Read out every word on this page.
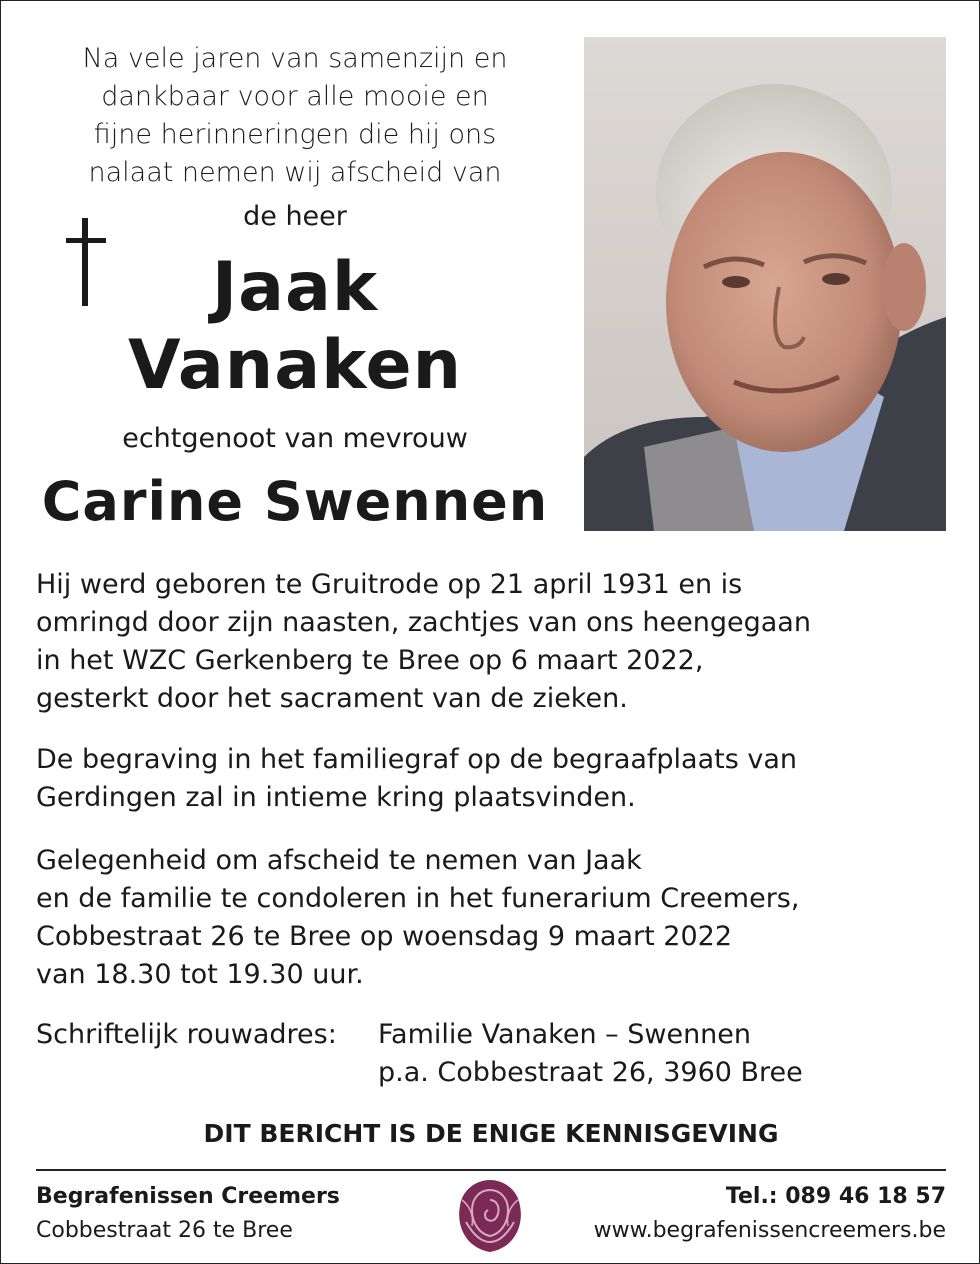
Na vele jaren van samenzijn en
dankbaar voor alle mooie en
fijne herinneringen die hij ons
nalaat nemen wij afscheid van
de heer
Jaak
Vanaken
echtgenoot van mevrouw
Carine Swennen
Hij werd geboren te Gruitrode op 21 april 1931 en is
omringd door zijn naasten, zachtjes van ons heengegaan
in het WZC Gerkenberg te Bree op 6 maart 2022,
gesterkt door het sacrament van de zieken.
De begraving in het familiegraf op de begraafplaats van
Gerdingen zal in intieme kring plaatsvinden.
Gelegenheid om afscheid te nemen van Jaak
en de familie te condoleren in het funerarium Creemers,
Cobbestraat 26 te Bree op woensdag 9 maart 2022
van 18.30 tot 19.30 uur.
Schriftelijk rouwadres: Familie Vanaken – Swennen
p.a. Cobbestraat 26, 3960 Bree
DIT BERICHT IS DE ENIGE KENNISGEVING
Begrafenissen Creemers
Cobbestraat 26 te Bree
Tel.: 089 46 18 57
www.begrafenissencreemers.be
